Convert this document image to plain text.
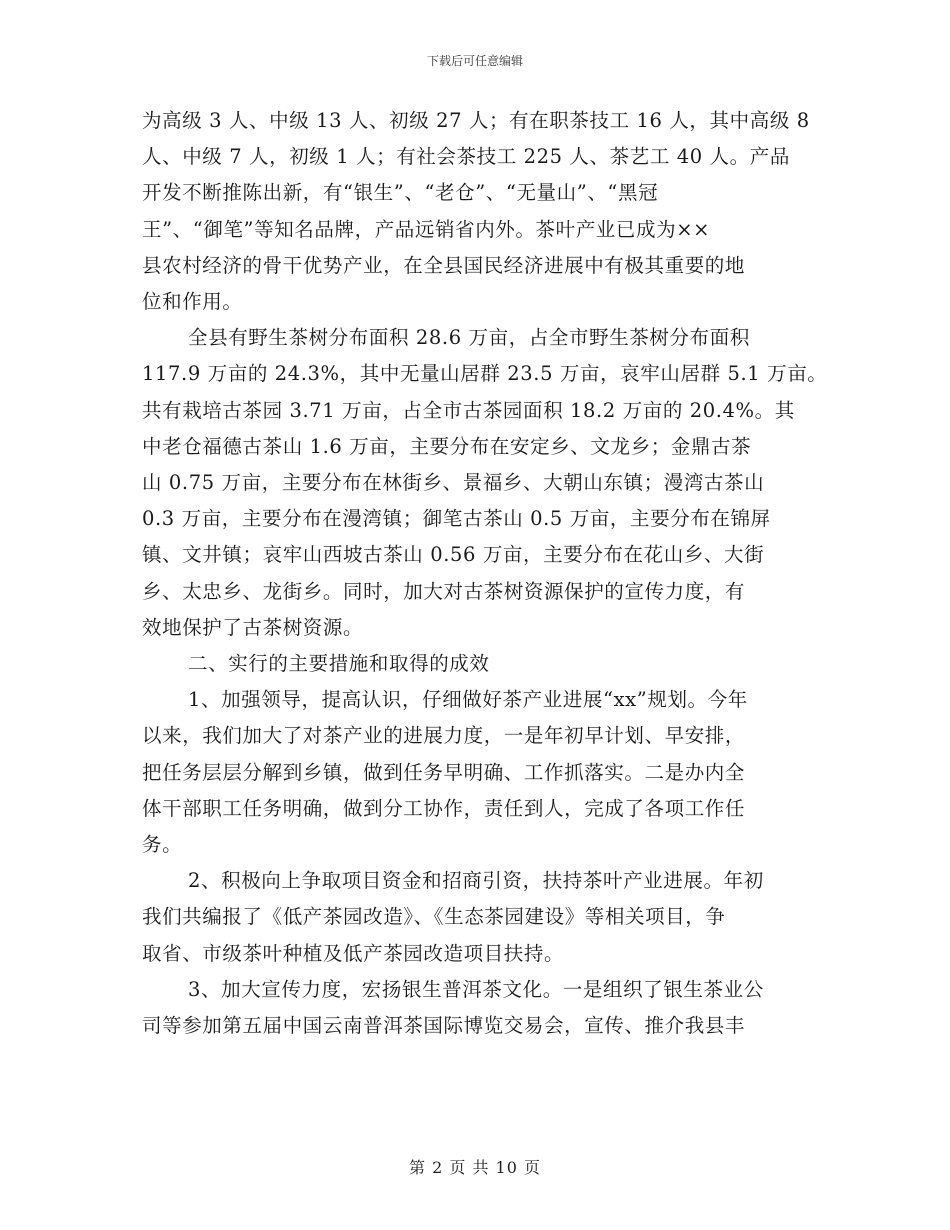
下载后可任意编辑

为高级 3 人、中级 13 人、初级 27 人；有在职茶技工 16 人，其中高级 8
人、中级 7 人，初级 1 人；有社会茶技工 225 人、茶艺工 40 人。产品
开发不断推陈出新，有“银生”、“老仓”、“无量山”、“黑冠
王”、“御笔”等知名品牌，产品远销省内外。茶叶产业已成为××
县农村经济的骨干优势产业，在全县国民经济进展中有极其重要的地
位和作用。

全县有野生茶树分布面积 28.6 万亩，占全市野生茶树分布面积
117.9 万亩的 24.3%，其中无量山居群 23.5 万亩，哀牢山居群 5.1 万亩。
共有栽培古茶园 3.71 万亩，占全市古茶园面积 18.2 万亩的 20.4%。其
中老仓福德古茶山 1.6 万亩，主要分布在安定乡、文龙乡；金鼎古茶
山 0.75 万亩，主要分布在林街乡、景福乡、大朝山东镇；漫湾古茶山
0.3 万亩，主要分布在漫湾镇；御笔古茶山 0.5 万亩，主要分布在锦屏
镇、文井镇；哀牢山西坡古茶山 0.56 万亩，主要分布在花山乡、大街
乡、太忠乡、龙街乡。同时，加大对古茶树资源保护的宣传力度，有
效地保护了古茶树资源。

二、实行的主要措施和取得的成效

1、加强领导，提高认识，仔细做好茶产业进展“xx”规划。今年
以来，我们加大了对茶产业的进展力度，一是年初早计划、早安排，
把任务层层分解到乡镇，做到任务早明确、工作抓落实。二是办内全
体干部职工任务明确，做到分工协作，责任到人，完成了各项工作任
务。

2、积极向上争取项目资金和招商引资，扶持茶叶产业进展。年初
我们共编报了《低产茶园改造》、《生态茶园建设》等相关项目，争
取省、市级茶叶种植及低产茶园改造项目扶持。

3、加大宣传力度，宏扬银生普洱茶文化。一是组织了银生茶业公
司等参加第五届中国云南普洱茶国际博览交易会，宣传、推介我县丰

第 2 页 共 10 页
